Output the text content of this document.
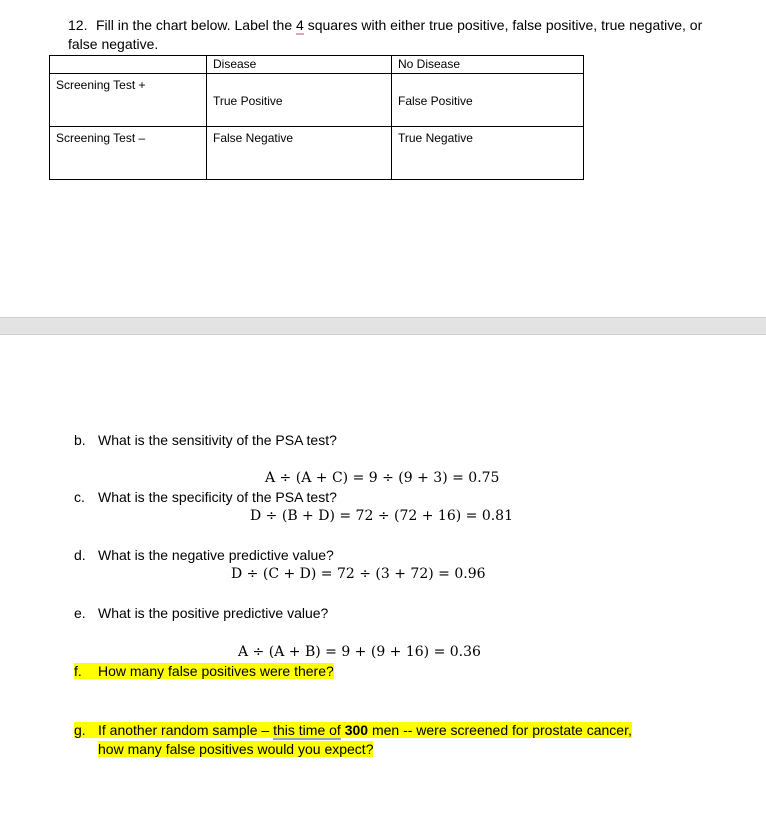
12. Fill in the chart below. Label the 4 squares with either true positive, false positive, true negative, or false negative.
	Disease	No Disease

Screening Test +	True Positive	False Positive

Screening Test –	False Negative	True Negative
b. What is the sensitivity of the PSA test?
A ÷ (A + C) = 9 ÷ (9 + 3) = 0.75
c. What is the specificity of the PSA test?
D ÷ (B + D) = 72 ÷ (72 + 16) = 0.81
d. What is the negative predictive value?
D ÷ (C + D) = 72 ÷ (3 + 72) = 0.96
e. What is the positive predictive value?
A ÷ (A + B) = 9 + (9 + 16) = 0.36
f. How many false positives were there?
g. If another random sample – this time of 300 men -- were screened for prostate cancer,
how many false positives would you expect?
